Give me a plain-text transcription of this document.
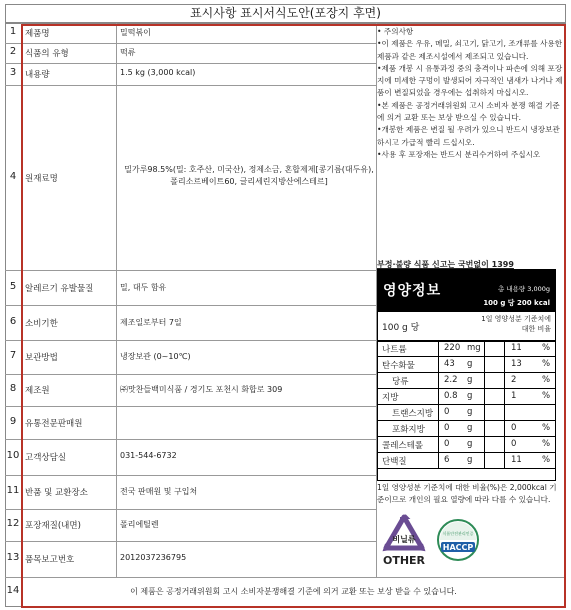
표시사항 표시서식도안(포장지 후면)
1	제품명	밀떡볶이
2	식품의 유형	떡류
3	내용량	1.5 kg (3,000 kcal)
4	원재료명
밀가루98.5%(밀: 호주산, 미국산), 정제소금, 혼합제제[콩기름(대두유), 폴리소르베이트60, 글리세린지방산에스테르]
5	알레르기 유발물질	밀, 대두 함유
6	소비기한	제조일로부터 7일
7	보관방법	냉장보관 (0~10℃)
8	제조원	㈜맛찬들백미식품 / 경기도 포천시 화합로 309
9	유통전문판매원
10 고객상담실	031-544-6732
11 반품 및 교환장소	전국 판매원 및 구입처
12 포장재질(내면)	폴리에틸렌
13 품목보고번호	2012037236795
14	이 제품은 공정거래위원회 고시 소비자분쟁해결 기준에 의거 교환 또는 보상 받을 수 있습니다.
• 주의사항
•이 제품은 우유, 메밀, 쇠고기, 닭고기, 조개류를 사용한 제품과 같은 제조시설에서 제조되고 있습니다.
•제품 개봉 시 유통과정 중의 충격이나 파손에 의해 포장지에 미세한 구멍이 발생되어 자극적인 냄새가 나거나 제품이 변질되었을 경우에는 섭취하지 마십시오.
•본 제품은 공정거래위원회 고시 소비자 분쟁 해결 기준에 의거 교환 또는 보상 받으실 수 있습니다.
•개봉한 제품은 변질 될 우려가 있으니 반드시 냉장보관 하시고 가급적 빨리 드십시오.
•사용 후 포장재는 반드시 분리수거하여 주십시오
부정·불량 식품 신고는 국번없이 1399
영양정보	총 내용량 3,000g
100 g 당 200 kcal
100 g 당
1일 영양성분 기준치에 대한 비율
나트륨	220 mg	11 %
탄수화물	43 g	13 %
당류	2.2 g	2	%
지방	0.8 g	1	%
트랜스지방 0 g
포화지방 0 g	0	%
콜레스테롤 0 g	0	%
단백질	6 g	11 %
1일 영양성분 기준치에 대한 비율(%)은 2,000kcal 기준이므로 개인의 필요 열량에 따라 다를 수 있습니다.
비닐류
OTHER
식품안전관리인증
HACCP
